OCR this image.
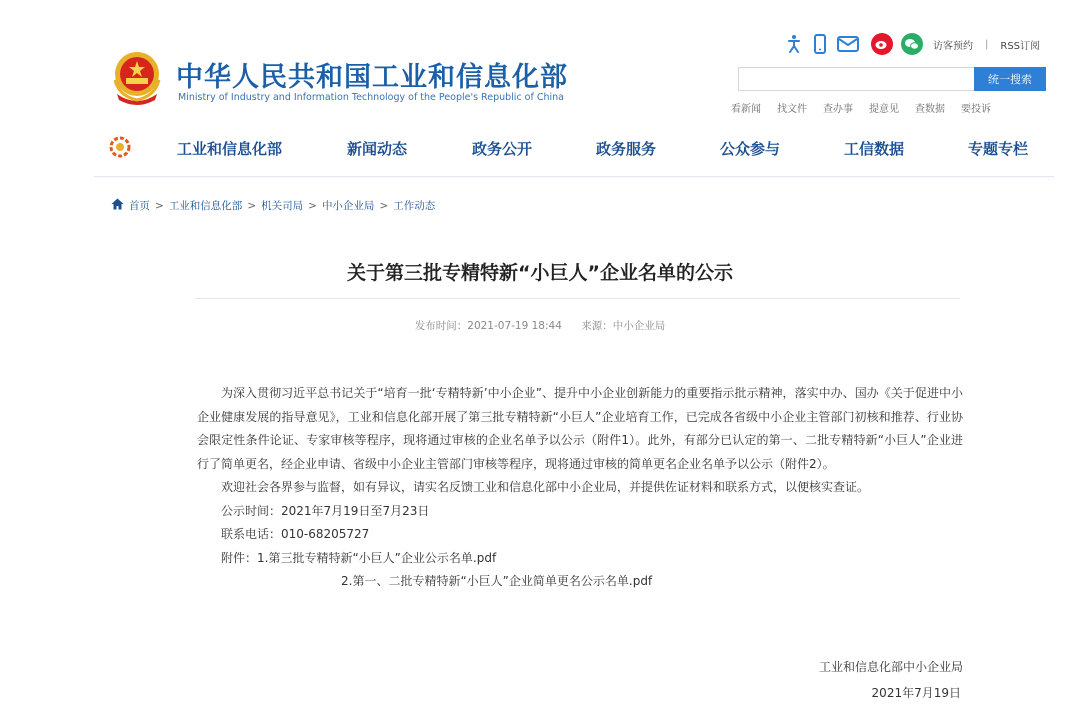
中华人民共和国工业和信息化部
Ministry of Industry and Information Technology of the People's Republic of China
访客预约 | RSS订阅
统一搜索
看新闻 找文件 查办事 提意见 查数据 要投诉
工业和信息化部	新闻动态	政务公开	政务服务	公众参与	工信数据	专题专栏
首页 > 工业和信息化部 > 机关司局 > 中小企业局 > 工作动态
关于第三批专精特新“小巨人”企业名单的公示
发布时间：2021-07-19 18:44 来源：中小企业局

为深入贯彻习近平总书记关于“培育一批‘专精特新’中小企业”、提升中小企业创新能力的重要指示批示精神，落实中办、国办《关于促进中小企业健康发展的指导意见》，工业和信息化部开展了第三批专精特新“小巨人”企业培育工作，已完成各省级中小企业主管部门初核和推荐、行业协会限定性条件论证、专家审核等程序，现将通过审核的企业名单予以公示（附件1）。此外，有部分已认定的第一、二批专精特新“小巨人”企业进行了简单更名，经企业申请、省级中小企业主管部门审核等程序，现将通过审核的简单更名企业名单予以公示（附件2）。

欢迎社会各界参与监督，如有异议，请实名反馈工业和信息化部中小企业局，并提供佐证材料和联系方式，以便核实查证。

公示时间：2021年7月19日至7月23日

联系电话：010-68205727

附件：1.第三批专精特新“小巨人”企业公示名单.pdf

2.第一、二批专精特新“小巨人”企业简单更名公示名单.pdf

工业和信息化部中小企业局
2021年7月19日
